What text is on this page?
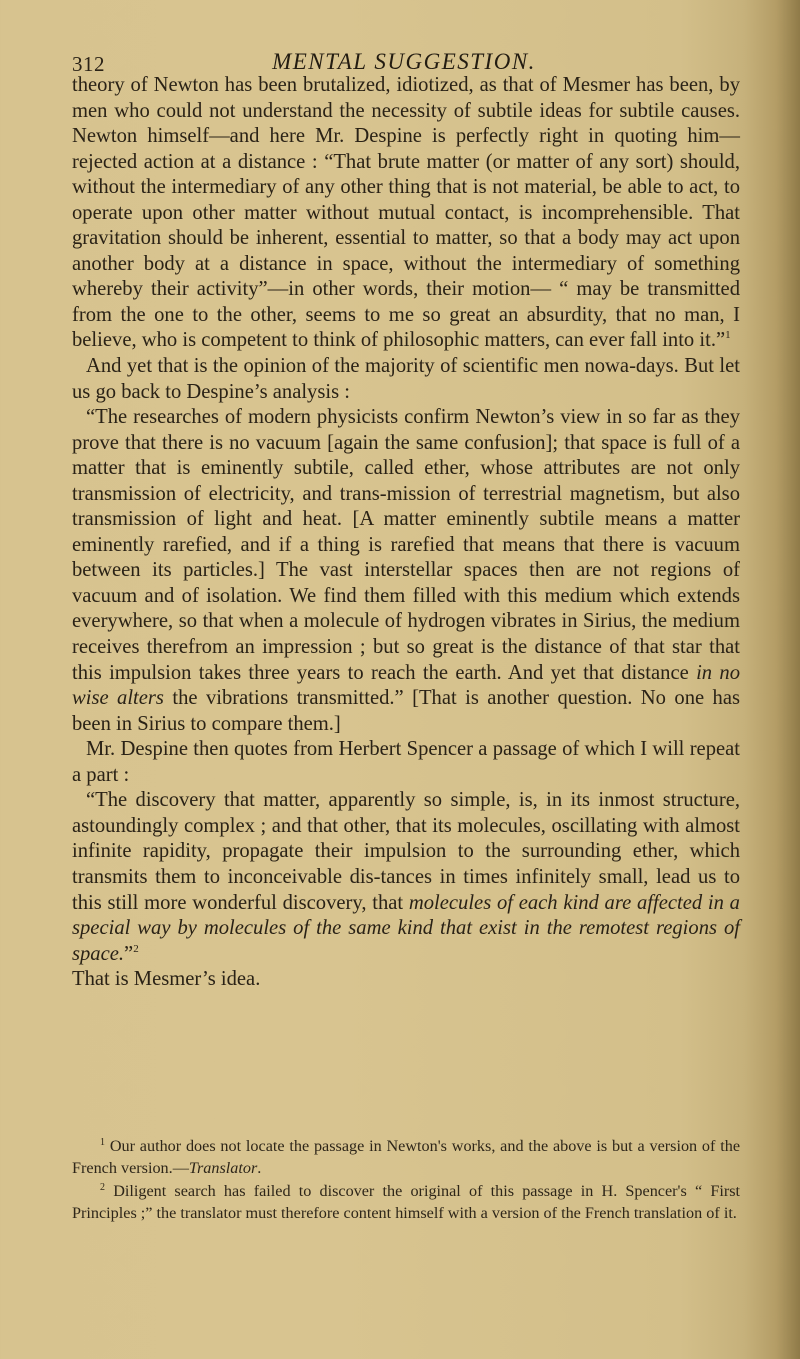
312	MENTAL SUGGESTION.

theory of Newton has been brutalized, idiotized, as that of Mesmer has been, by men who could not understand the necessity of subtile ideas for subtile causes. Newton himself—and here Mr. Despine is perfectly right in quoting him—rejected action at a distance : “That brute matter (or matter of any sort) should, without the intermediary of any other thing that is not material, be able to act, to operate upon other matter without mutual contact, is incomprehensible. That gravitation should be inherent, essential to matter, so that a body may act upon another body at a distance in space, without the intermediary of something whereby their activity”—in other words, their motion— “ may be transmitted from the one to the other, seems to me so great an absurdity, that no man, I believe, who is competent to think of philosophic matters, can ever fall into it.”$^1$

And yet that is the opinion of the majority of scientific men nowa-days. But let us go back to Despine’s analysis :

“The researches of modern physicists confirm Newton’s view in so far as they prove that there is no vacuum [again the same confusion]; that space is full of a matter that is eminently subtile, called ether, whose attributes are not only transmission of electricity, and trans-mission of terrestrial magnetism, but also transmission of light and heat. [A matter eminently subtile means a matter eminently rarefied, and if a thing is rarefied that means that there is vacuum between its particles.] The vast interstellar spaces then are not regions of vacuum and of isolation. We find them filled with this medium which extends everywhere, so that when a molecule of hydrogen vibrates in Sirius, the medium receives therefrom an impression ; but so great is the distance of that star that this impulsion takes three years to reach the earth. And yet that distance in no wise alters the vibrations transmitted.” [That is another question. No one has been in Sirius to compare them.]

Mr. Despine then quotes from Herbert Spencer a passage of which I will repeat a part :

“The discovery that matter, apparently so simple, is, in its inmost structure, astoundingly complex ; and that other, that its molecules, oscillating with almost infinite rapidity, propagate their impulsion to the surrounding ether, which transmits them to inconceivable dis-tances in times infinitely small, lead us to this still more wonderful discovery, that molecules of each kind are affected in a special way by molecules of the same kind that exist in the remotest regions of space.”$^2$

That is Mesmer’s idea.

$^1$ Our author does not locate the passage in Newton's works, and the above is but a version of the French version.—Translator.

$^2$ Diligent search has failed to discover the original of this passage in H. Spencer's “ First Principles ;” the translator must therefore content himself with a version of the French translation of it.
